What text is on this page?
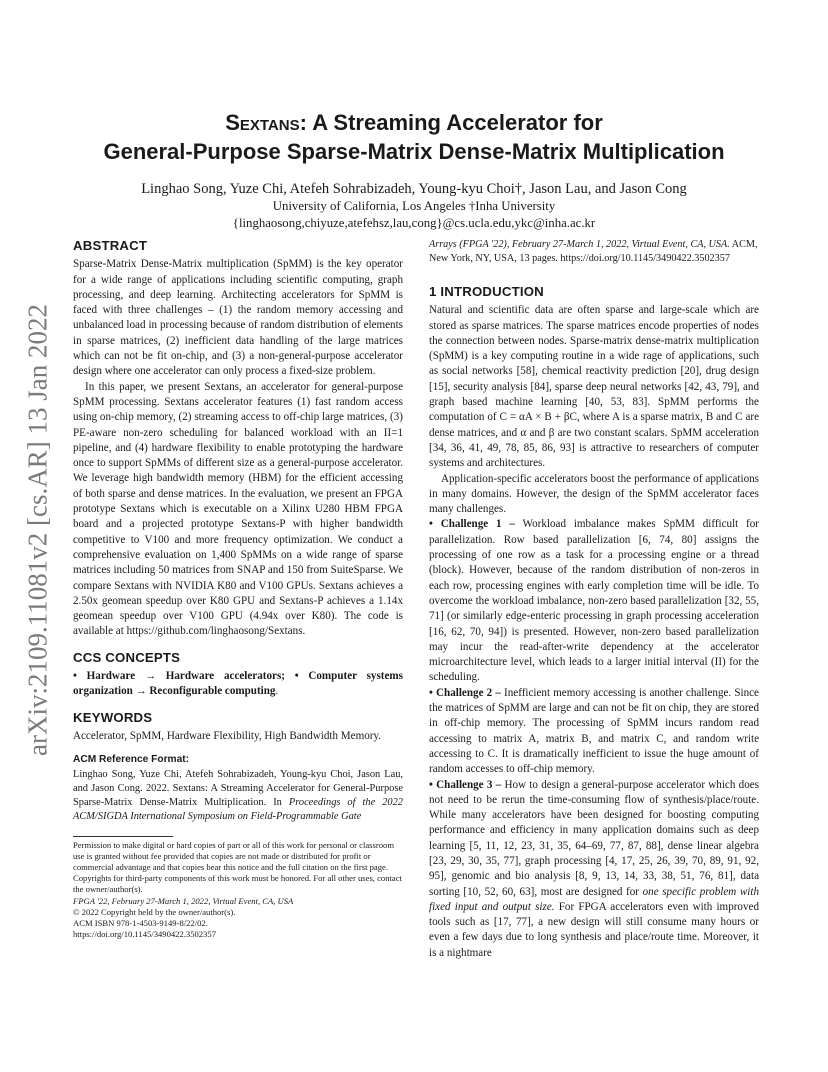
arXiv:2109.11081v2 [cs.AR] 13 Jan 2022
Sextans: A Streaming Accelerator for
General-Purpose Sparse-Matrix Dense-Matrix Multiplication
Linghao Song, Yuze Chi, Atefeh Sohrabizadeh, Young-kyu Choi†, Jason Lau, and Jason Cong
University of California, Los Angeles †Inha University
{linghaosong,chiyuze,atefehsz,lau,cong}@cs.ucla.edu,ykc@inha.ac.kr
ABSTRACT

Sparse-Matrix Dense-Matrix multiplication (SpMM) is the key operator for a wide range of applications including scientific computing, graph processing, and deep learning. Architecting accelerators for SpMM is faced with three challenges – (1) the random memory accessing and unbalanced load in processing because of random distribution of elements in sparse matrices, (2) inefficient data handling of the large matrices which can not be fit on-chip, and (3) a non-general-purpose accelerator design where one accelerator can only process a fixed-size problem.

In this paper, we present Sextans, an accelerator for general-purpose SpMM processing. Sextans accelerator features (1) fast random access using on-chip memory, (2) streaming access to off-chip large matrices, (3) PE-aware non-zero scheduling for balanced workload with an II=1 pipeline, and (4) hardware flexibility to enable prototyping the hardware once to support SpMMs of different size as a general-purpose accelerator. We leverage high bandwidth memory (HBM) for the efficient accessing of both sparse and dense matrices. In the evaluation, we present an FPGA prototype Sextans which is executable on a Xilinx U280 HBM FPGA board and a projected prototype Sextans-P with higher bandwidth competitive to V100 and more frequency optimization. We conduct a comprehensive evaluation on 1,400 SpMMs on a wide range of sparse matrices including 50 matrices from SNAP and 150 from SuiteSparse. We compare Sextans with NVIDIA K80 and V100 GPUs. Sextans achieves a 2.50x geomean speedup over K80 GPU and Sextans-P achieves a 1.14x geomean speedup over V100 GPU (4.94x over K80). The code is available at https://github.com/linghaosong/Sextans.

CCS CONCEPTS

• Hardware → Hardware accelerators; • Computer systems organization → Reconfigurable computing.

KEYWORDS

Accelerator, SpMM, Hardware Flexibility, High Bandwidth Memory.

ACM Reference Format:

Linghao Song, Yuze Chi, Atefeh Sohrabizadeh, Young-kyu Choi, Jason Lau, and Jason Cong. 2022. Sextans: A Streaming Accelerator for General-Purpose Sparse-Matrix Dense-Matrix Multiplication. In Proceedings of the 2022 ACM/SIGDA International Symposium on Field-Programmable Gate

Permission to make digital or hard copies of part or all of this work for personal or classroom use is granted without fee provided that copies are not made or distributed for profit or commercial advantage and that copies bear this notice and the full citation on the first page. Copyrights for third-party components of this work must be honored. For all other uses, contact the owner/author(s).
FPGA '22, February 27-March 1, 2022, Virtual Event, CA, USA
© 2022 Copyright held by the owner/author(s).
ACM ISBN 978-1-4503-9149-8/22/02.
https://doi.org/10.1145/3490422.3502357

Arrays (FPGA '22), February 27-March 1, 2022, Virtual Event, CA, USA. ACM, New York, NY, USA, 13 pages. https://doi.org/10.1145/3490422.3502357

1 INTRODUCTION

Natural and scientific data are often sparse and large-scale which are stored as sparse matrices. The sparse matrices encode properties of nodes the connection between nodes. Sparse-matrix dense-matrix multiplication (SpMM) is a key computing routine in a wide rage of applications, such as social networks [58], chemical reactivity prediction [20], drug design [15], security analysis [84], sparse deep neural networks [42, 43, 79], and graph based machine learning [40, 53, 83]. SpMM performs the computation of C = αA × B + βC, where A is a sparse matrix, B and C are dense matrices, and α and β are two constant scalars. SpMM acceleration [34, 36, 41, 49, 78, 85, 86, 93] is attractive to researchers of computer systems and architectures.

Application-specific accelerators boost the performance of applications in many domains. However, the design of the SpMM accelerator faces many challenges.

• Challenge 1 – Workload imbalance makes SpMM difficult for parallelization. Row based parallelization [6, 74, 80] assigns the processing of one row as a task for a processing engine or a thread (block). However, because of the random distribution of non-zeros in each row, processing engines with early completion time will be idle. To overcome the workload imbalance, non-zero based parallelization [32, 55, 71] (or similarly edge-enteric processing in graph processing acceleration [16, 62, 70, 94]) is presented. However, non-zero based parallelization may incur the read-after-write dependency at the accelerator microarchitecture level, which leads to a larger initial interval (II) for the scheduling.

• Challenge 2 – Inefficient memory accessing is another challenge. Since the matrices of SpMM are large and can not be fit on chip, they are stored in off-chip memory. The processing of SpMM incurs random read accessing to matrix A, matrix B, and matrix C, and random write accessing to C. It is dramatically inefficient to issue the huge amount of random accesses to off-chip memory.

• Challenge 3 – How to design a general-purpose accelerator which does not need to be rerun the time-consuming flow of synthesis/place/route. While many accelerators have been designed for boosting computing performance and efficiency in many application domains such as deep learning [5, 11, 12, 23, 31, 35, 64–69, 77, 87, 88], dense linear algebra [23, 29, 30, 35, 77], graph processing [4, 17, 25, 26, 39, 70, 89, 91, 92, 95], genomic and bio analysis [8, 9, 13, 14, 33, 38, 51, 76, 81], data sorting [10, 52, 60, 63], most are designed for one specific problem with fixed input and output size. For FPGA accelerators even with improved tools such as [17, 77], a new design will still consume many hours or even a few days due to long synthesis and place/route time. Moreover, it is a nightmare
